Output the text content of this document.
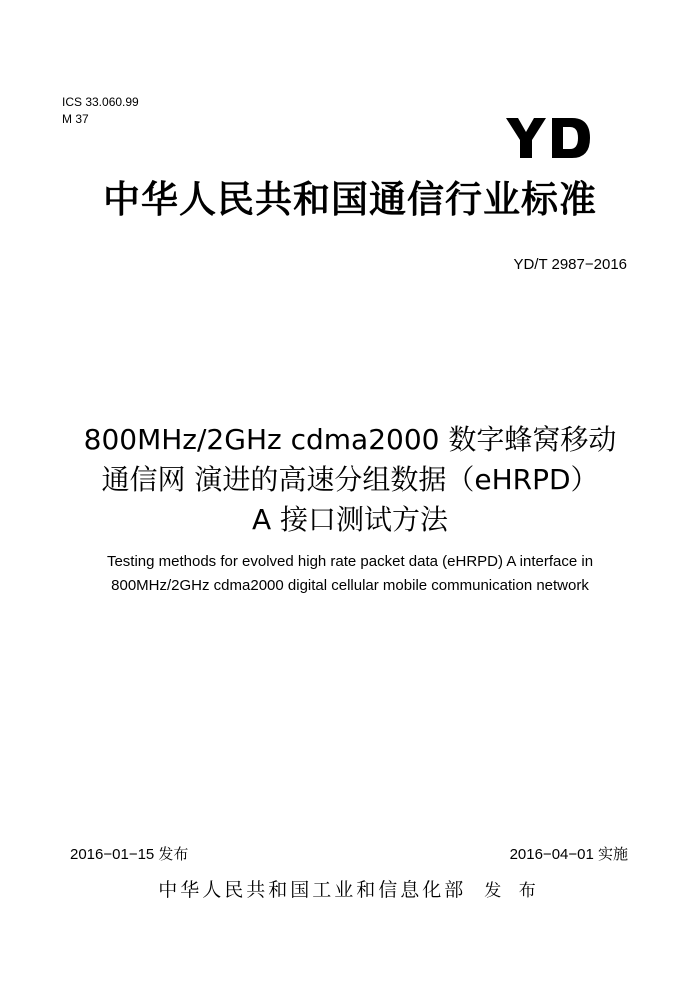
ICS 33.060.99
M 37
中华人民共和国通信行业标准
YD/T 2987−2016
800MHz/2GHz cdma2000 数字蜂窝移动
通信网 演进的高速分组数据（eHRPD）
A 接口测试方法
Testing methods for evolved high rate packet data (eHRPD) A interface in
800MHz/2GHz cdma2000 digital cellular mobile communication network
2016−01−15 发布	2016−04−01 实施
中华人民共和国工业和信息化部 发 布
